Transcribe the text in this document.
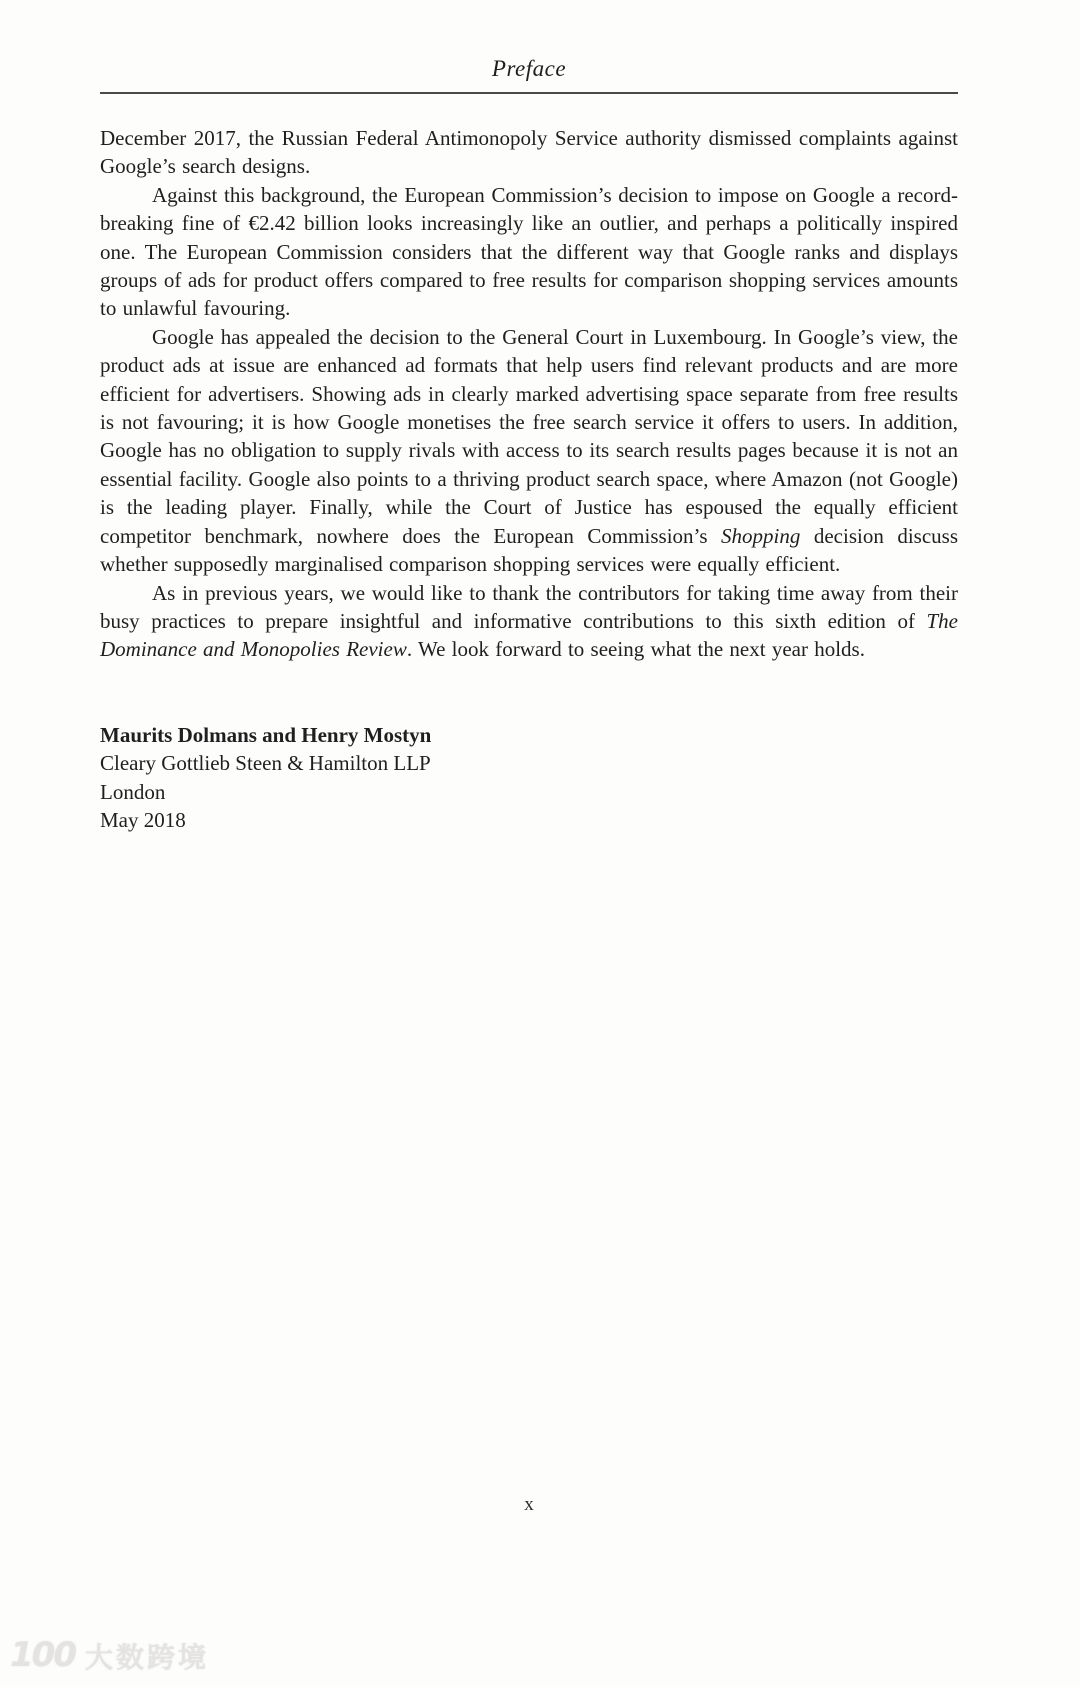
Preface

December 2017, the Russian Federal Antimonopoly Service authority dismissed complaints against Google’s search designs.

Against this background, the European Commission’s decision to impose on Google a record-breaking fine of €2.42 billion looks increasingly like an outlier, and perhaps a politically inspired one. The European Commission considers that the different way that Google ranks and displays groups of ads for product offers compared to free results for comparison shopping services amounts to unlawful favouring.

Google has appealed the decision to the General Court in Luxembourg. In Google’s view, the product ads at issue are enhanced ad formats that help users find relevant products and are more efficient for advertisers. Showing ads in clearly marked advertising space separate from free results is not favouring; it is how Google monetises the free search service it offers to users. In addition, Google has no obligation to supply rivals with access to its search results pages because it is not an essential facility. Google also points to a thriving product search space, where Amazon (not Google) is the leading player. Finally, while the Court of Justice has espoused the equally efficient competitor benchmark, nowhere does the European Commission’s Shopping decision discuss whether supposedly marginalised comparison shopping services were equally efficient.

As in previous years, we would like to thank the contributors for taking time away from their busy practices to prepare insightful and informative contributions to this sixth edition of The Dominance and Monopolies Review. We look forward to seeing what the next year holds.

Maurits Dolmans and Henry Mostyn
Cleary Gottlieb Steen & Hamilton LLP
London
May 2018
x
100 大数跨境
